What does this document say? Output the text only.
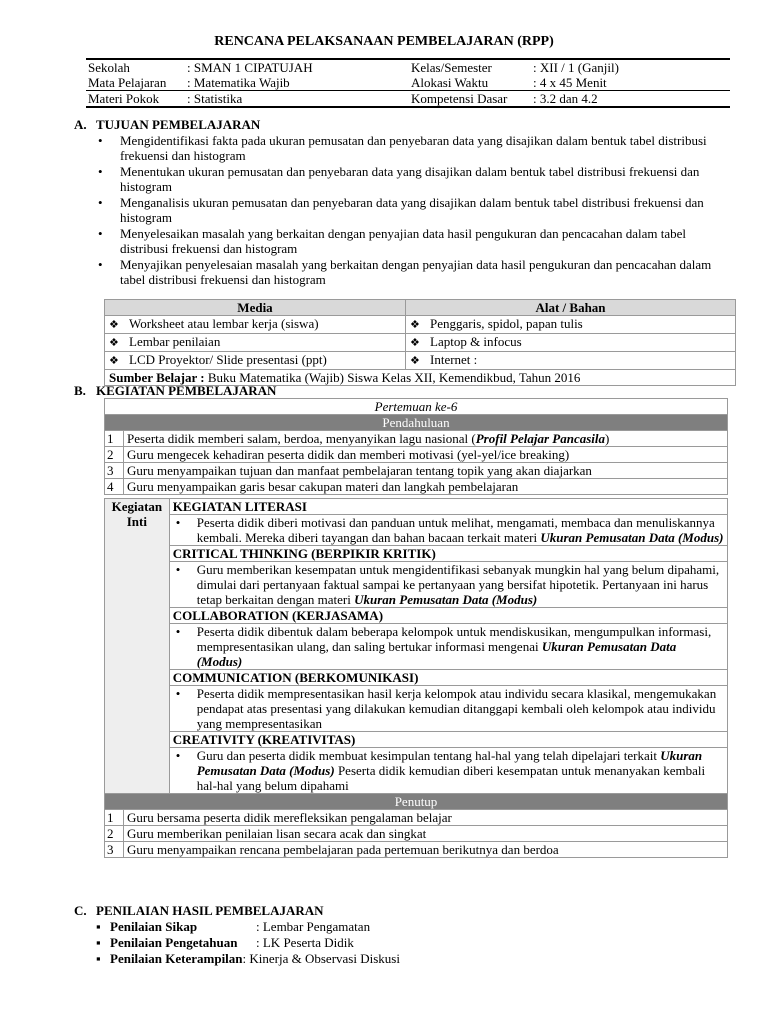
RENCANA PELAKSANAAN PEMBELAJARAN (RPP)
Sekolah	: SMAN 1 CIPATUJAH	Kelas/Semester	: XII / 1 (Ganjil)
Mata Pelajaran	: Matematika Wajib	Alokasi Waktu	: 4 x 45 Menit
Materi Pokok	: Statistika	Kompetensi Dasar	: 3.2 dan 4.2
A. TUJUAN PEMBELAJARAN
• Mengidentifikasi fakta pada ukuran pemusatan dan penyebaran data yang disajikan dalam bentuk tabel distribusi frekuensi dan histogram
• Menentukan ukuran pemusatan dan penyebaran data yang disajikan dalam bentuk tabel distribusi frekuensi dan histogram
• Menganalisis ukuran pemusatan dan penyebaran data yang disajikan dalam bentuk tabel distribusi frekuensi dan histogram
• Menyelesaikan masalah yang berkaitan dengan penyajian data hasil pengukuran dan pencacahan dalam tabel distribusi frekuensi dan histogram
• Menyajikan penyelesaian masalah yang berkaitan dengan penyajian data hasil pengukuran dan pencacahan dalam tabel distribusi frekuensi dan histogram
Media	Alat / Bahan
❖ Worksheet atau lembar kerja (siswa)	❖ Penggaris, spidol, papan tulis
❖ Lembar penilaian	❖ Laptop & infocus
❖ LCD Proyektor/ Slide presentasi (ppt)	❖ Internet :
Sumber Belajar : Buku Matematika (Wajib) Siswa Kelas XII, Kemendikbud, Tahun 2016	
B. KEGIATAN PEMBELAJARAN
Pertemuan ke-6		
Pendahuluan		
1	Peserta didik memberi salam, berdoa, menyanyikan lagu nasional (Profil Pelajar Pancasila)	
2	Guru mengecek kehadiran peserta didik dan memberi motivasi (yel-yel/ice breaking)	
3	Guru menyampaikan tujuan dan manfaat pembelajaran tentang topik yang akan diajarkan	
4	Guru menyampaikan garis besar cakupan materi dan langkah pembelajaran	

Kegiatan Inti		KEGIATAN LITERASI

		• Peserta didik diberi motivasi dan panduan untuk melihat, mengamati, membaca dan menuliskannya kembali. Mereka diberi tayangan dan bahan bacaan terkait materi Ukuran Pemusatan Data (Modus)

		CRITICAL THINKING (BERPIKIR KRITIK)

		• Guru memberikan kesempatan untuk mengidentifikasi sebanyak mungkin hal yang belum dipahami, dimulai dari pertanyaan faktual sampai ke pertanyaan yang bersifat hipotetik. Pertanyaan ini harus tetap berkaitan dengan materi Ukuran Pemusatan Data (Modus)

		COLLABORATION (KERJASAMA)

		• Peserta didik dibentuk dalam beberapa kelompok untuk mendiskusikan, mengumpulkan informasi, mempresentasikan ulang, dan saling bertukar informasi mengenai Ukuran Pemusatan Data (Modus)

		COMMUNICATION (BERKOMUNIKASI)

		• Peserta didik mempresentasikan hasil kerja kelompok atau individu secara klasikal, mengemukakan pendapat atas presentasi yang dilakukan kemudian ditanggapi kembali oleh kelompok atau individu yang mempresentasikan

		CREATIVITY (KREATIVITAS)

		• Guru dan peserta didik membuat kesimpulan tentang hal-hal yang telah dipelajari terkait Ukuran Pemusatan Data (Modus) Peserta didik kemudian diberi kesempatan untuk menanyakan kembali hal-hal yang belum dipahami

Penutup		
1	Guru bersama peserta didik merefleksikan pengalaman belajar	
2	Guru memberikan penilaian lisan secara acak dan singkat	
3	Guru menyampaikan rencana pembelajaran pada pertemuan berikutnya dan berdoa	
C. PENILAIAN HASIL PEMBELAJARAN
▪ Penilaian Sikap	: Lembar Pengamatan
▪ Penilaian Pengetahuan : LK Peserta Didik
▪ Penilaian Keterampilan: Kinerja & Observasi Diskusi
